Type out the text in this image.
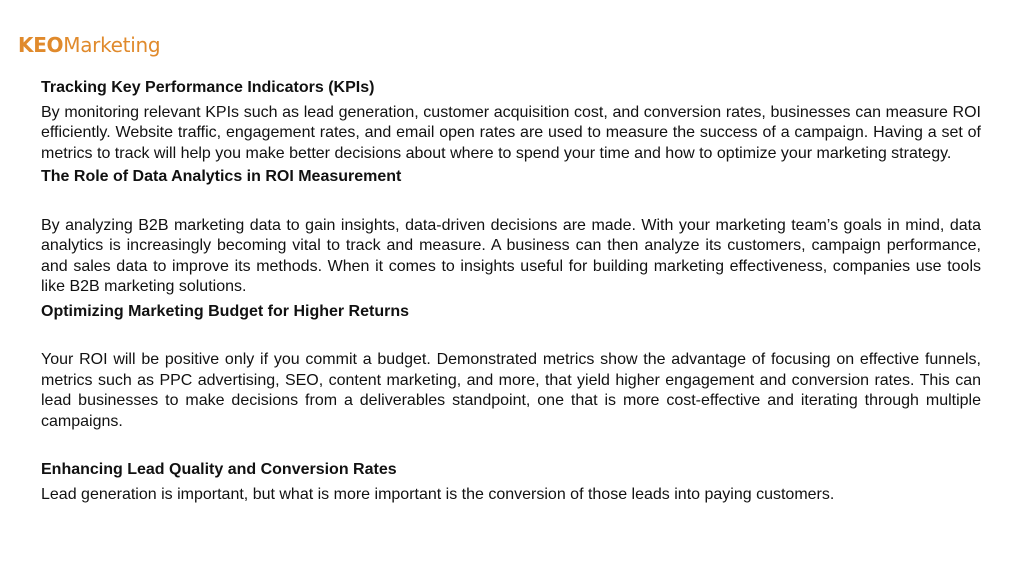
KEOMarketing
Tracking Key Performance Indicators (KPIs)

By monitoring relevant KPIs such as lead generation, customer acquisition cost, and conversion rates, businesses can measure ROI efficiently. Website traffic, engagement rates, and email open rates are used to measure the success of a campaign. Having a set of metrics to track will help you make better decisions about where to spend your time and how to optimize your marketing strategy.

The Role of Data Analytics in ROI Measurement

By analyzing B2B marketing data to gain insights, data-driven decisions are made. With your marketing team’s goals in mind, data analytics is increasingly becoming vital to track and measure. A business can then analyze its customers, campaign performance, and sales data to improve its methods. When it comes to insights useful for building marketing effectiveness, companies use tools like B2B marketing solutions.

Optimizing Marketing Budget for Higher Returns

Your ROI will be positive only if you commit a budget. Demonstrated metrics show the advantage of focusing on effective funnels, metrics such as PPC advertising, SEO, content marketing, and more, that yield higher engagement and conversion rates. This can lead businesses to make decisions from a deliverables standpoint, one that is more cost-effective and iterating through multiple campaigns.

Enhancing Lead Quality and Conversion Rates

Lead generation is important, but what is more important is the conversion of those leads into paying customers.
